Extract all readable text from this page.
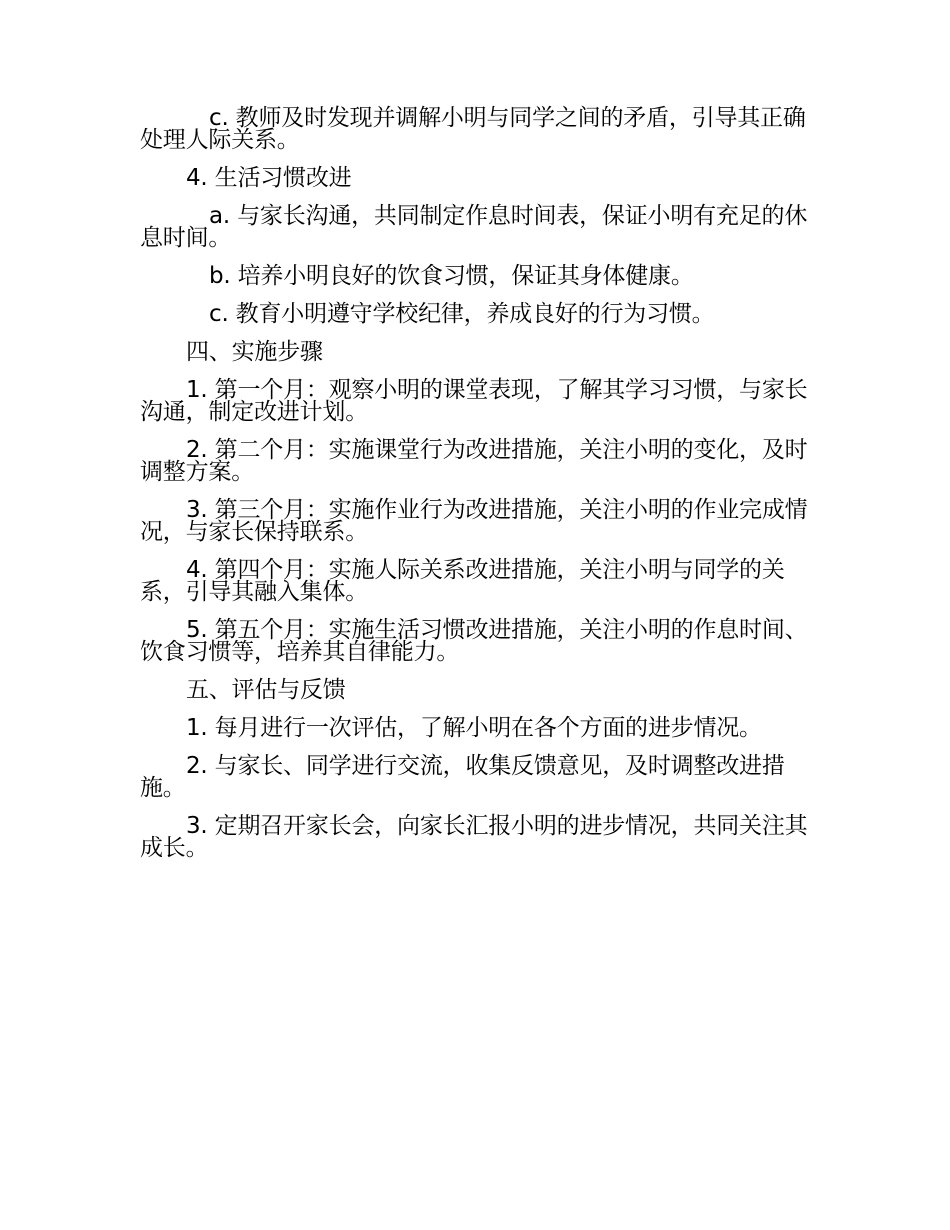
c. 教师及时发现并调解小明与同学之间的矛盾，引导其正确处理人际关系。

4. 生活习惯改进

a. 与家长沟通，共同制定作息时间表，保证小明有充足的休息时间。

b. 培养小明良好的饮食习惯，保证其身体健康。

c. 教育小明遵守学校纪律，养成良好的行为习惯。

四、实施步骤

1. 第一个月：观察小明的课堂表现，了解其学习习惯，与家长沟通，制定改进计划。

2. 第二个月：实施课堂行为改进措施，关注小明的变化，及时调整方案。

3. 第三个月：实施作业行为改进措施，关注小明的作业完成情况，与家长保持联系。

4. 第四个月：实施人际关系改进措施，关注小明与同学的关系，引导其融入集体。

5. 第五个月：实施生活习惯改进措施，关注小明的作息时间、饮食习惯等，培养其自律能力。

五、评估与反馈

1. 每月进行一次评估，了解小明在各个方面的进步情况。

2. 与家长、同学进行交流，收集反馈意见，及时调整改进措施。

3. 定期召开家长会，向家长汇报小明的进步情况，共同关注其成长。
